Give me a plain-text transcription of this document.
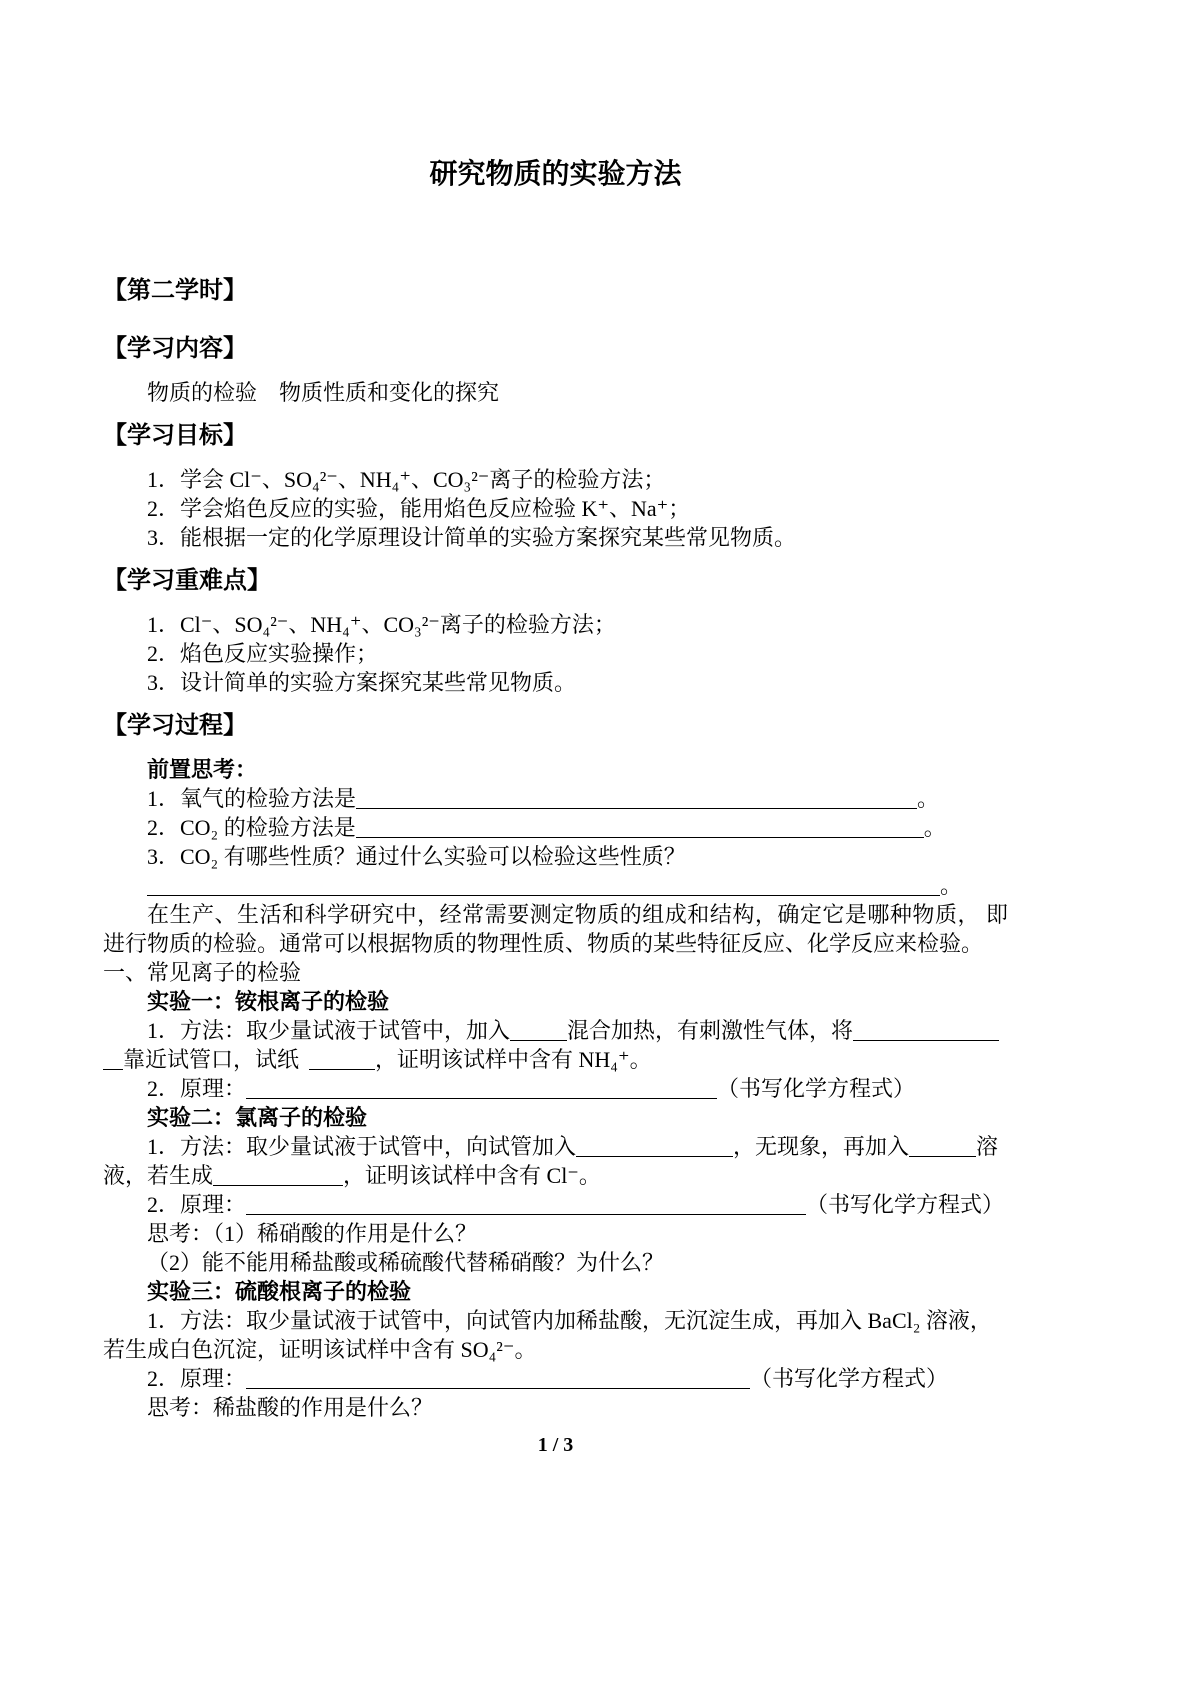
研究物质的实验方法
【第二学时】
【学习内容】
物质的检验　物质性质和变化的探究
【学习目标】
1．学会 Cl⁻、SO₄²⁻、NH₄⁺、CO₃²⁻离子的检验方法；
2．学会焰色反应的实验，能用焰色反应检验 K⁺、Na⁺；
3．能根据一定的化学原理设计简单的实验方案探究某些常见物质。
【学习重难点】
1．Cl⁻、SO₄²⁻、NH₄⁺、CO₃²⁻离子的检验方法；
2．焰色反应实验操作；
3．设计简单的实验方案探究某些常见物质。
【学习过程】
前置思考：
1．氧气的检验方法是	。
2．CO₂ 的检验方法是	。
3．CO₂ 有哪些性质？通过什么实验可以检验这些性质？
。
在生产、生活和科学研究中，经常需要测定物质的组成和结构，确定它是哪种物质， 即
进行物质的检验。通常可以根据物质的物理性质、物质的某些特征反应、化学反应来检验。
一、常见离子的检验
实验一：铵根离子的检验
1．方法：取少量试液于试管中，加入	混合加热，有刺激性气体，将
靠近试管口，试纸	，证明该试样中含有 NH₄⁺。
2．原理：	（书写化学方程式）
实验二：氯离子的检验
1．方法：取少量试液于试管中，向试管加入	，无现象，再加入	溶
液，若生成	，证明该试样中含有 Cl⁻。
2．原理：	（书写化学方程式）
思考：（1）稀硝酸的作用是什么？
（2）能不能用稀盐酸或稀硫酸代替稀硝酸？为什么？
实验三：硫酸根离子的检验
1．方法：取少量试液于试管中，向试管内加稀盐酸，无沉淀生成，再加入 BaCl₂ 溶液，
若生成白色沉淀，证明该试样中含有 SO₄²⁻。
2．原理：	（书写化学方程式）
思考：稀盐酸的作用是什么？
1 / 3
